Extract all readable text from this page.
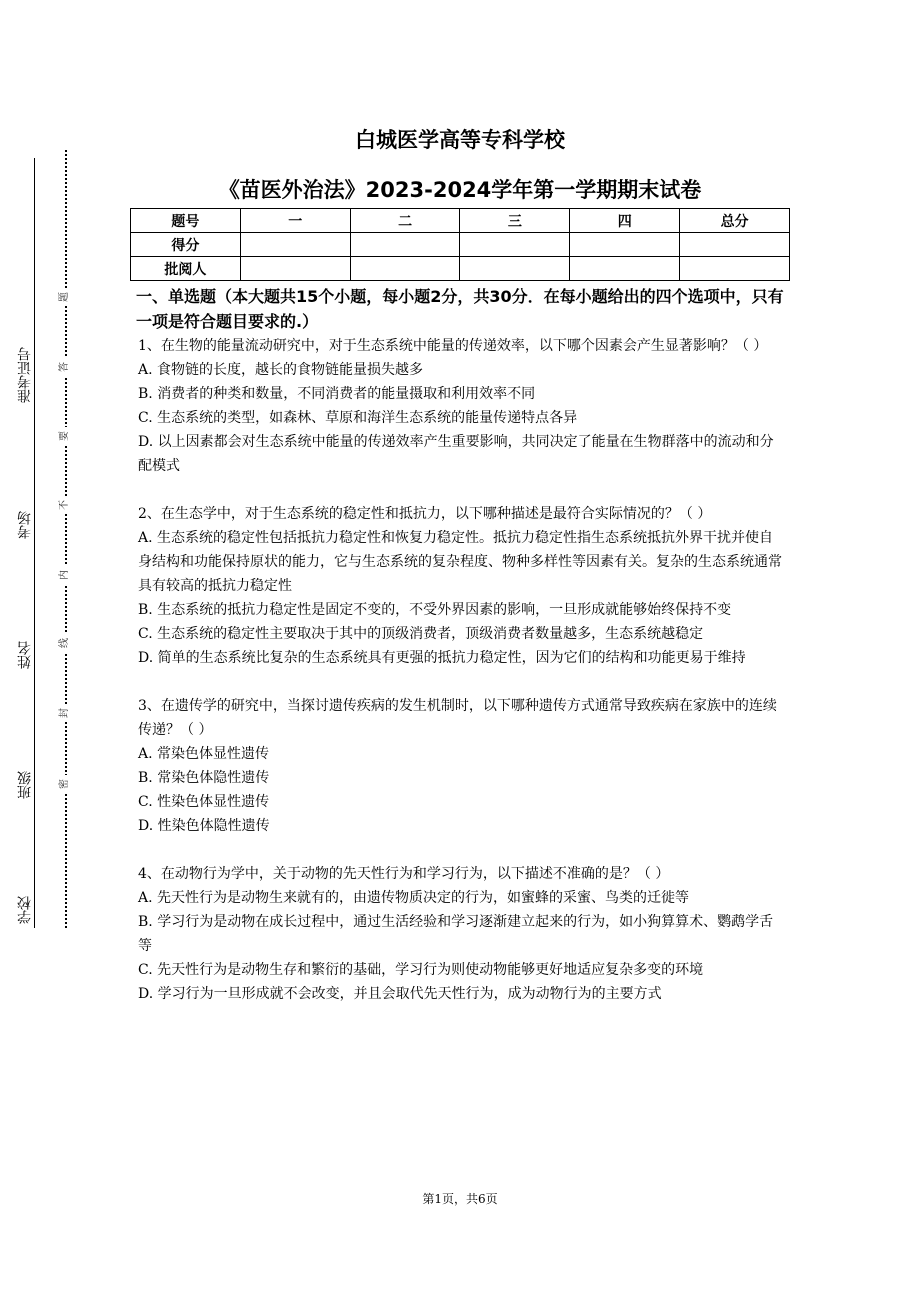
学校
班级
姓名
考场
准考证号
密
封
线
内
不
要
答
题
白城医学高等专科学校
《苗医外治法》2023-2024学年第一学期期末试卷
题号	一	二	三	四	总分
得分					
批阅人					
一、单选题（本大题共15个小题，每小题2分，共30分．在每小题给出的四个选项中，只有一项是符合题目要求的.）

1、在生物的能量流动研究中，对于生态系统中能量的传递效率，以下哪个因素会产生显著影响？（ ）

A. 食物链的长度，越长的食物链能量损失越多

B. 消费者的种类和数量，不同消费者的能量摄取和利用效率不同

C. 生态系统的类型，如森林、草原和海洋生态系统的能量传递特点各异

D. 以上因素都会对生态系统中能量的传递效率产生重要影响，共同决定了能量在生物群落中的流动和分配模式

2、在生态学中，对于生态系统的稳定性和抵抗力，以下哪种描述是最符合实际情况的？（ ）

A. 生态系统的稳定性包括抵抗力稳定性和恢复力稳定性。抵抗力稳定性指生态系统抵抗外界干扰并使自身结构和功能保持原状的能力，它与生态系统的复杂程度、物种多样性等因素有关。复杂的生态系统通常具有较高的抵抗力稳定性

B. 生态系统的抵抗力稳定性是固定不变的，不受外界因素的影响，一旦形成就能够始终保持不变

C. 生态系统的稳定性主要取决于其中的顶级消费者，顶级消费者数量越多，生态系统越稳定

D. 简单的生态系统比复杂的生态系统具有更强的抵抗力稳定性，因为它们的结构和功能更易于维持

3、在遗传学的研究中，当探讨遗传疾病的发生机制时，以下哪种遗传方式通常导致疾病在家族中的连续传递？（ ）

A. 常染色体显性遗传

B. 常染色体隐性遗传

C. 性染色体显性遗传

D. 性染色体隐性遗传

4、在动物行为学中，关于动物的先天性行为和学习行为，以下描述不准确的是？（ ）

A. 先天性行为是动物生来就有的，由遗传物质决定的行为，如蜜蜂的采蜜、鸟类的迁徙等

B. 学习行为是动物在成长过程中，通过生活经验和学习逐渐建立起来的行为，如小狗算算术、鹦鹉学舌等

C. 先天性行为是动物生存和繁衍的基础，学习行为则使动物能够更好地适应复杂多变的环境

D. 学习行为一旦形成就不会改变，并且会取代先天性行为，成为动物行为的主要方式

第1页，共6页
